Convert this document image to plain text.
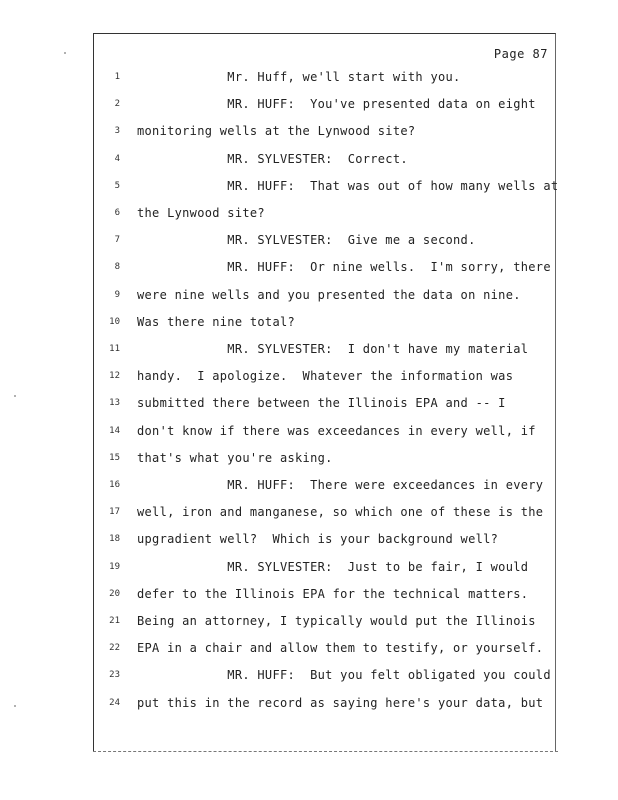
Page 87
1 Mr. Huff, we'll start with you.
2 MR. HUFF:  You've presented data on eight
3 monitoring wells at the Lynwood site?
4 MR. SYLVESTER:  Correct.
5 MR. HUFF:  That was out of how many wells at
6 the Lynwood site?
7 MR. SYLVESTER:  Give me a second.
8 MR. HUFF:  Or nine wells.  I'm sorry, there
9 were nine wells and you presented the data on nine.
10 Was there nine total?
11 MR. SYLVESTER:  I don't have my material
12 handy.  I apologize.  Whatever the information was
13 submitted there between the Illinois EPA and -- I
14 don't know if there was exceedances in every well, if
15 that's what you're asking.
16 MR. HUFF:  There were exceedances in every
17 well, iron and manganese, so which one of these is the
18 upgradient well?  Which is your background well?
19 MR. SYLVESTER:  Just to be fair, I would
20 defer to the Illinois EPA for the technical matters.
21 Being an attorney, I typically would put the Illinois
22 EPA in a chair and allow them to testify, or yourself.
23 MR. HUFF:  But you felt obligated you could
24 put this in the record as saying here's your data, but
